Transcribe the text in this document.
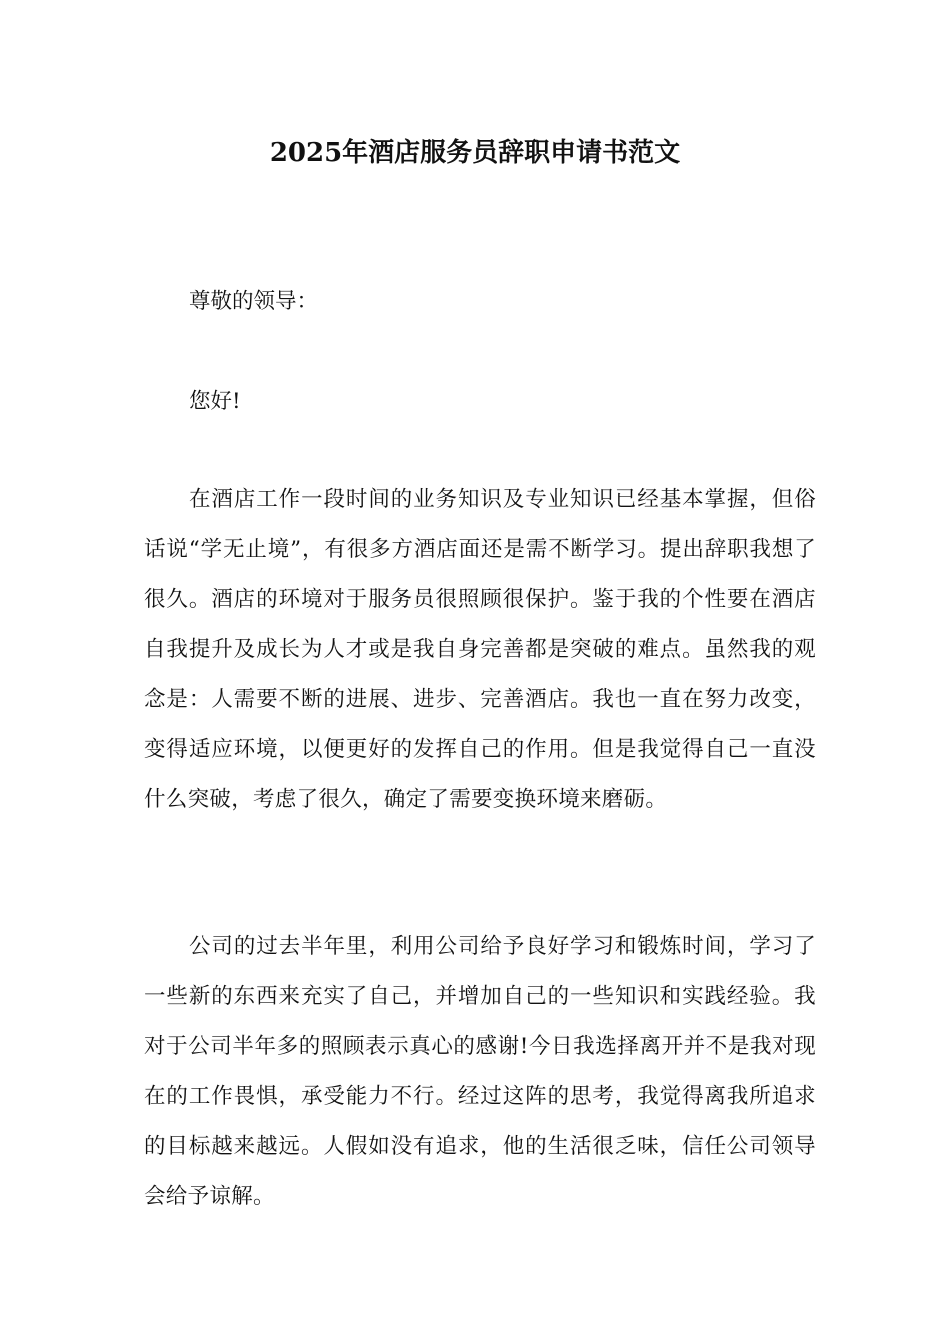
2025年酒店服务员辞职申请书范文
尊敬的领导：
您好!
在酒店工作一段时间的业务知识及专业知识已经基本掌握，但俗话说“学无止境”，有很多方酒店面还是需不断学习。提出辞职我想了很久。酒店的环境对于服务员很照顾很保护。鉴于我的个性要在酒店自我提升及成长为人才或是我自身完善都是突破的难点。虽然我的观念是：人需要不断的进展、进步、完善酒店。我也一直在努力改变，变得适应环境，以便更好的发挥自己的作用。但是我觉得自己一直没什么突破，考虑了很久，确定了需要变换环境来磨砺。
公司的过去半年里，利用公司给予良好学习和锻炼时间，学习了一些新的东西来充实了自己，并增加自己的一些知识和实践经验。我对于公司半年多的照顾表示真心的感谢!今日我选择离开并不是我对现在的工作畏惧，承受能力不行。经过这阵的思考，我觉得离我所追求的目标越来越远。人假如没有追求，他的生活很乏味，信任公司领导会给予谅解。
